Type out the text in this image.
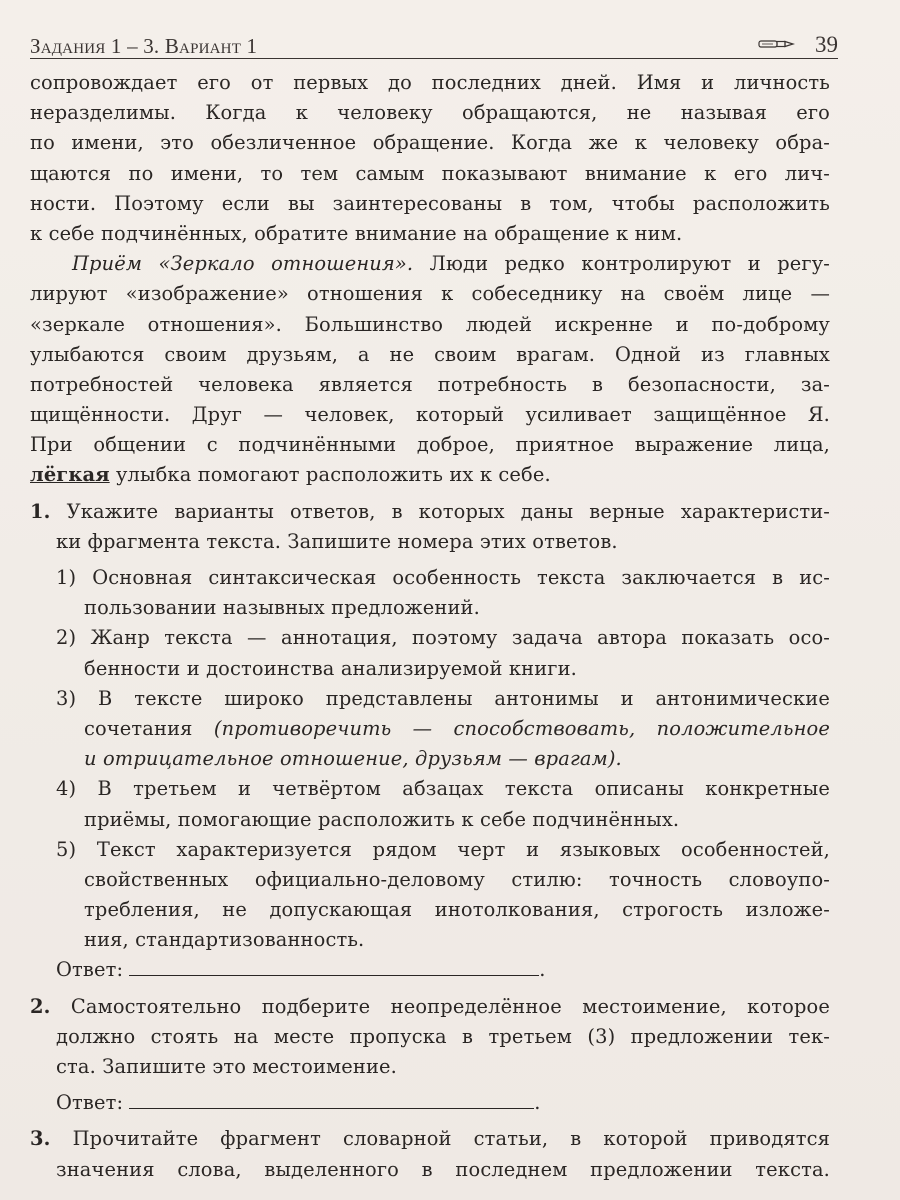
Задания 1 – 3. Вариант 1	39
сопровождает его от первых до последних дней. Имя и личность
неразделимы. Когда к человеку обращаются, не называя его
по имени, это обезличенное обращение. Когда же к человеку обра-
щаются по имени, то тем самым показывают внимание к его лич-
ности. Поэтому если вы заинтересованы в том, чтобы расположить
к себе подчинённых, обратите внимание на обращение к ним.
Приём «Зеркало отношения». Люди редко контролируют и регу-
лируют «изображение» отношения к собеседнику на своём лице —
«зеркале отношения». Большинство людей искренне и по-доброму
улыбаются своим друзьям, а не своим врагам. Одной из главных
потребностей человека является потребность в безопасности, за-
щищённости. Друг — человек, который усиливает защищённое Я.
При общении с подчинёнными доброе, приятное выражение лица,
лёгкая улыбка помогают расположить их к себе.
1. Укажите варианты ответов, в которых даны верные характеристи-
ки фрагмента текста. Запишите номера этих ответов.
1) Основная синтаксическая особенность текста заключается в ис-
пользовании назывных предложений.
2) Жанр текста — аннотация, поэтому задача автора показать осо-
бенности и достоинства анализируемой книги.
3) В тексте широко представлены антонимы и антонимические
сочетания (противоречить — способствовать, положительное
и отрицательное отношение, друзьям — врагам).
4) В третьем и четвёртом абзацах текста описаны конкретные
приёмы, помогающие расположить к себе подчинённых.
5) Текст характеризуется рядом черт и языковых особенностей,
свойственных официально-деловому стилю: точность словоупо-
требления, не допускающая инотолкования, строгость изложе-
ния, стандартизованность.
Ответ:	.
2. Самостоятельно подберите неопределённое местоимение, которое
должно стоять на месте пропуска в третьем (3) предложении тек-
ста. Запишите это местоимение.
Ответ:	.
3. Прочитайте фрагмент словарной статьи, в которой приводятся
значения слова, выделенного в последнем предложении текста.
